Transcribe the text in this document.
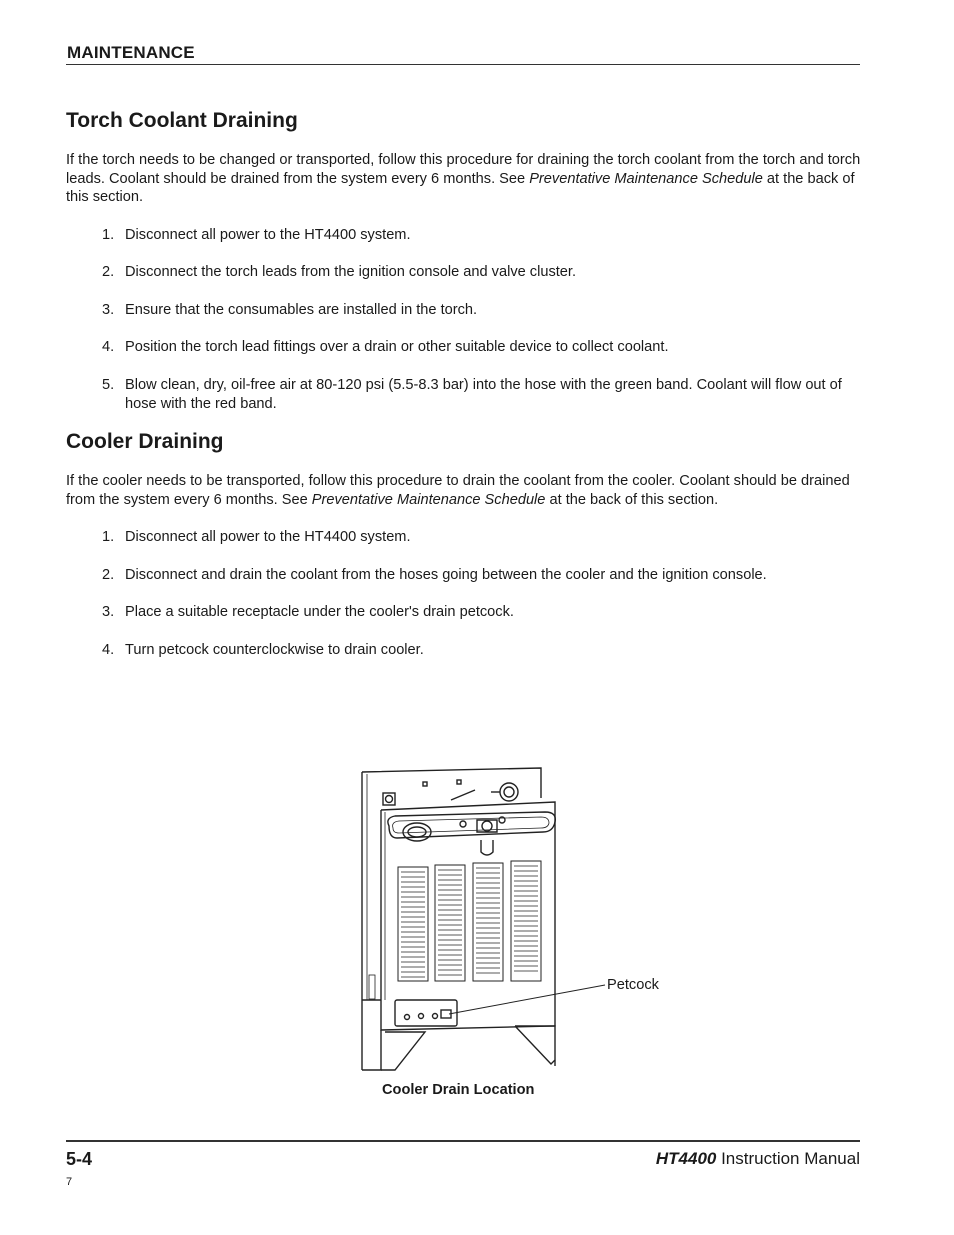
MAINTENANCE
Torch Coolant Draining
If the torch needs to be changed or transported, follow this procedure for draining the torch coolant from the torch and torch leads. Coolant should be drained from the system every 6 months. See Preventative Maintenance Schedule at the back of this section.
1. Disconnect all power to the HT4400 system.
2. Disconnect the torch leads from the ignition console and valve cluster.
3. Ensure that the consumables are installed in the torch.
4. Position the torch lead fittings over a drain or other suitable device to collect coolant.
5. Blow clean, dry, oil-free air at 80-120 psi (5.5-8.3 bar) into the hose with the green band. Coolant will flow out of hose with the red band.
Cooler Draining
If the cooler needs to be transported, follow this procedure to drain the coolant from the cooler. Coolant should be drained from the system every 6 months. See Preventative Maintenance Schedule at the back of this section.
1. Disconnect all power to the HT4400 system.
2. Disconnect and drain the coolant from the hoses going between the cooler and the ignition console.
3. Place a suitable receptacle under the cooler's drain petcock.
4. Turn petcock counterclockwise to drain cooler.
Petcock
Cooler Drain Location
5-4	HT4400 Instruction Manual
7
